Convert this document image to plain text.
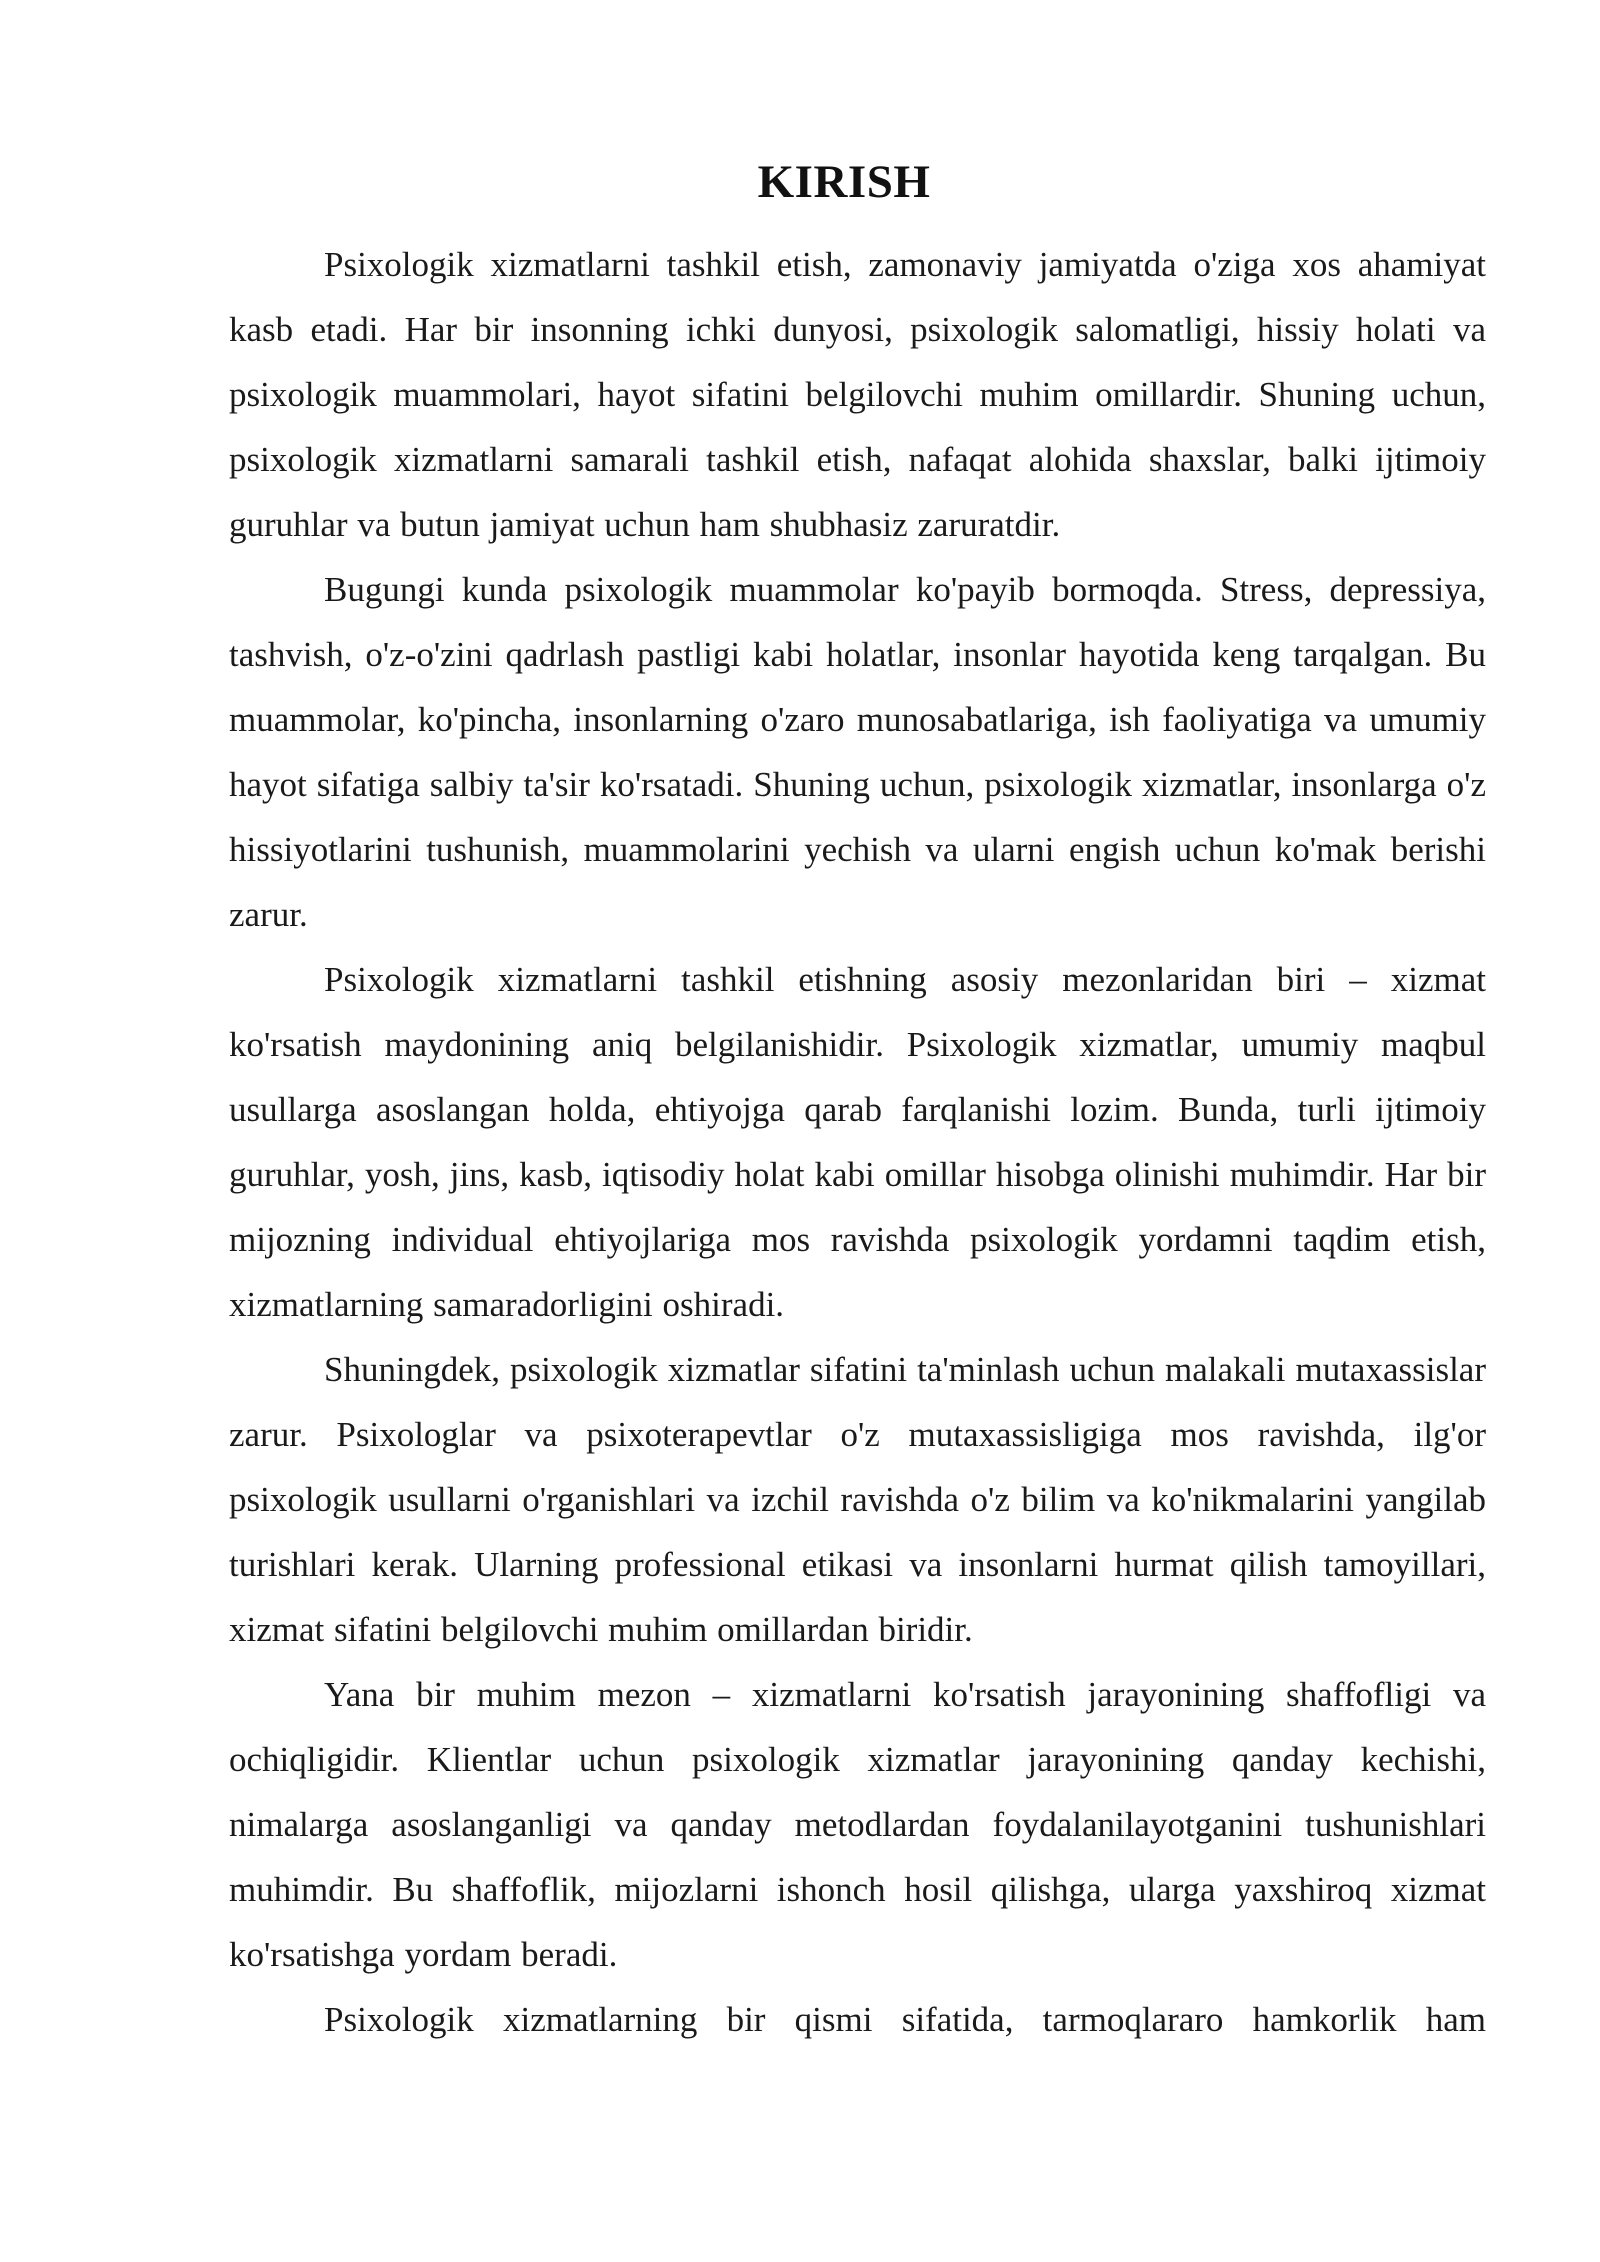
KIRISH

Psixologik xizmatlarni tashkil etish, zamonaviy jamiyatda o'ziga xos ahamiyat kasb etadi. Har bir insonning ichki dunyosi, psixologik salomatligi, hissiy holati va psixologik muammolari, hayot sifatini belgilovchi muhim omillardir. Shuning uchun, psixologik xizmatlarni samarali tashkil etish, nafaqat alohida shaxslar, balki ijtimoiy guruhlar va butun jamiyat uchun ham shubhasiz zaruratdir.

Bugungi kunda psixologik muammolar ko'payib bormoqda. Stress, depressiya, tashvish, o'z-o'zini qadrlash pastligi kabi holatlar, insonlar hayotida keng tarqalgan. Bu muammolar, ko'pincha, insonlarning o'zaro munosabatlariga, ish faoliyatiga va umumiy hayot sifatiga salbiy ta'sir ko'rsatadi. Shuning uchun, psixologik xizmatlar, insonlarga o'z hissiyotlarini tushunish, muammolarini yechish va ularni engish uchun ko'mak berishi zarur.

Psixologik xizmatlarni tashkil etishning asosiy mezonlaridan biri – xizmat ko'rsatish maydonining aniq belgilanishidir. Psixologik xizmatlar, umumiy maqbul usullarga asoslangan holda, ehtiyojga qarab farqlanishi lozim. Bunda, turli ijtimoiy guruhlar, yosh, jins, kasb, iqtisodiy holat kabi omillar hisobga olinishi muhimdir. Har bir mijozning individual ehtiyojlariga mos ravishda psixologik yordamni taqdim etish, xizmatlarning samaradorligini oshiradi.

Shuningdek, psixologik xizmatlar sifatini ta'minlash uchun malakali mutaxassislar zarur. Psixologlar va psixoterapevtlar o'z mutaxassisligiga mos ravishda, ilg'or psixologik usullarni o'rganishlari va izchil ravishda o'z bilim va ko'nikmalarini yangilab turishlari kerak. Ularning professional etikasi va insonlarni hurmat qilish tamoyillari, xizmat sifatini belgilovchi muhim omillardan biridir.

Yana bir muhim mezon – xizmatlarni ko'rsatish jarayonining shaffofligi va ochiqligidir. Klientlar uchun psixologik xizmatlar jarayonining qanday kechishi, nimalarga asoslanganligi va qanday metodlardan foydalanilayotganini tushunishlari muhimdir. Bu shaffoflik, mijozlarni ishonch hosil qilishga, ularga yaxshiroq xizmat ko'rsatishga yordam beradi.

Psixologik xizmatlarning bir qismi sifatida, tarmoqlararo hamkorlik ham
